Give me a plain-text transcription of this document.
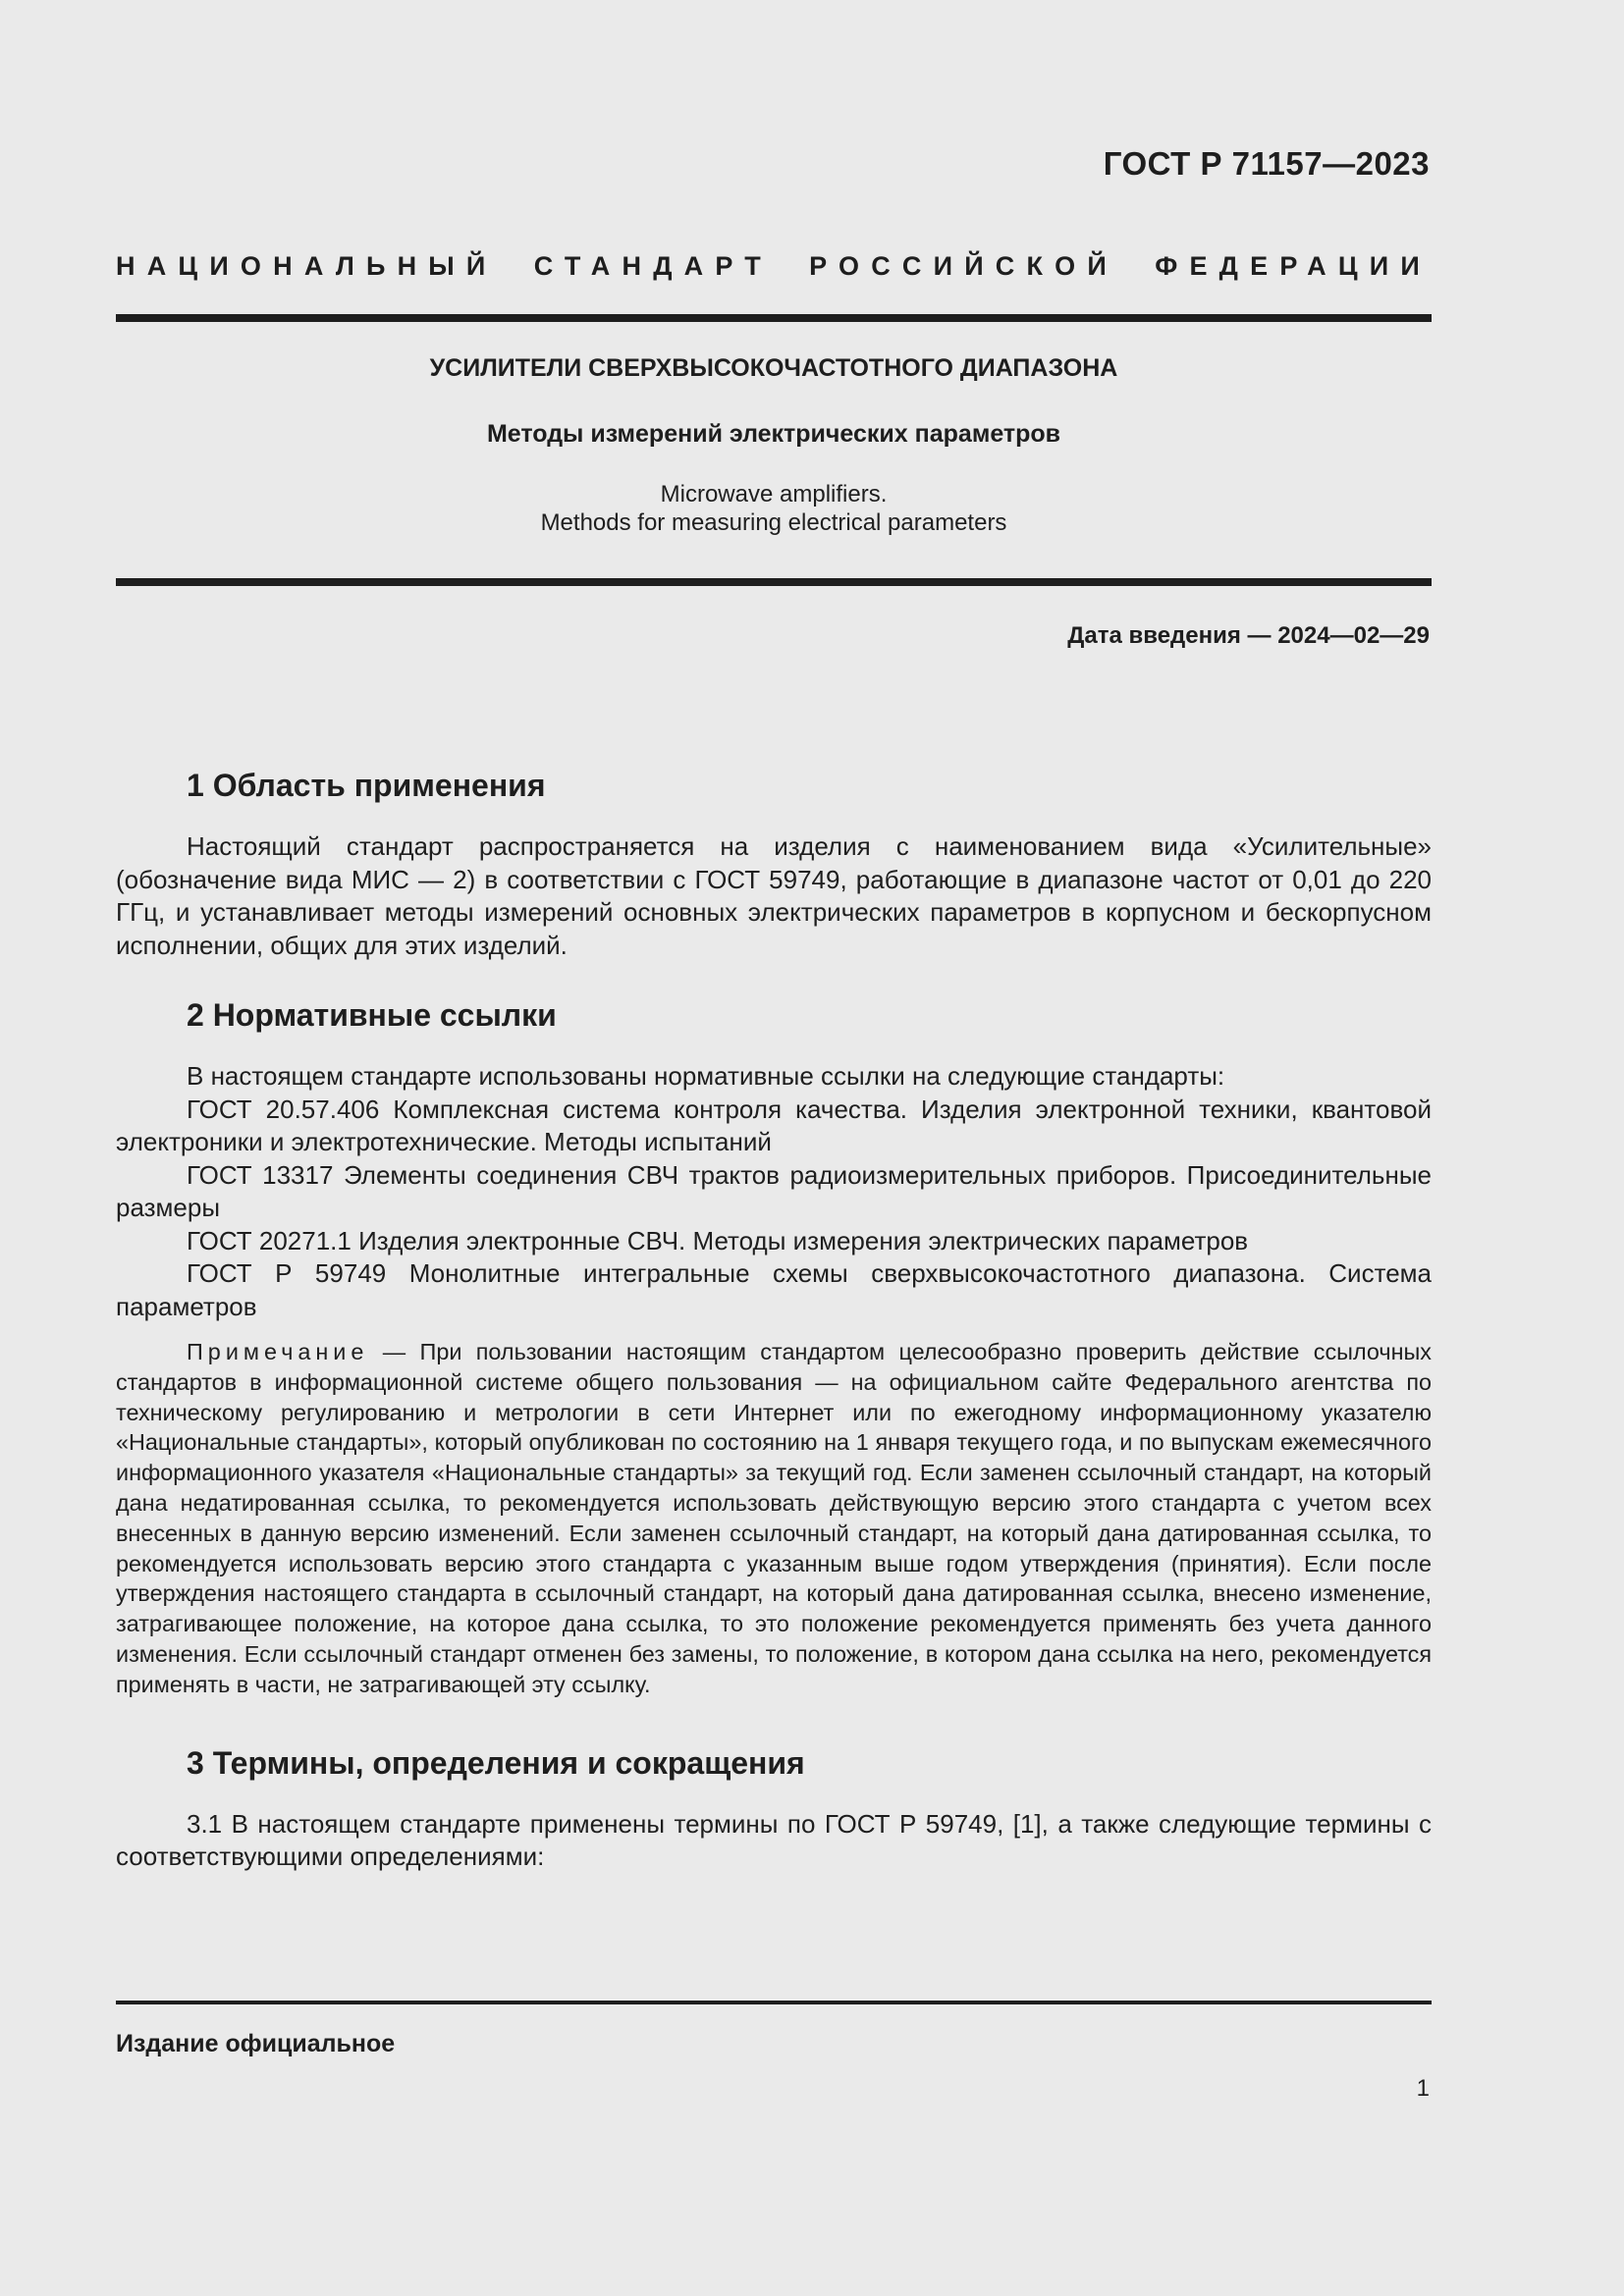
ГОСТ Р 71157—2023
НАЦИОНАЛЬНЫЙ СТАНДАРТ РОССИЙСКОЙ ФЕДЕРАЦИИ
УСИЛИТЕЛИ СВЕРХВЫСОКОЧАСТОТНОГО ДИАПАЗОНА
Методы измерений электрических параметров
Microwave amplifiers.
Methods for measuring electrical parameters
Дата введения — 2024—02—29
1 Область применения

Настоящий стандарт распространяется на изделия с наименованием вида «Усилительные» (обозначение вида МИС — 2) в соответствии с ГОСТ 59749, работающие в диапазоне частот от 0,01 до 220 ГГц, и устанавливает методы измерений основных электрических параметров в корпусном и бескорпусном исполнении, общих для этих изделий.

2 Нормативные ссылки

В настоящем стандарте использованы нормативные ссылки на следующие стандарты:

ГОСТ 20.57.406 Комплексная система контроля качества. Изделия электронной техники, квантовой электроники и электротехнические. Методы испытаний

ГОСТ 13317 Элементы соединения СВЧ трактов радиоизмерительных приборов. Присоединительные размеры

ГОСТ 20271.1 Изделия электронные СВЧ. Методы измерения электрических параметров

ГОСТ Р 59749 Монолитные интегральные схемы сверхвысокочастотного диапазона. Система параметров

Примечание — При пользовании настоящим стандартом целесообразно проверить действие ссылочных стандартов в информационной системе общего пользования — на официальном сайте Федерального агентства по техническому регулированию и метрологии в сети Интернет или по ежегодному информационному указателю «Национальные стандарты», который опубликован по состоянию на 1 января текущего года, и по выпускам ежемесячного информационного указателя «Национальные стандарты» за текущий год. Если заменен ссылочный стандарт, на который дана недатированная ссылка, то рекомендуется использовать действующую версию этого стандарта с учетом всех внесенных в данную версию изменений. Если заменен ссылочный стандарт, на который дана датированная ссылка, то рекомендуется использовать версию этого стандарта с указанным выше годом утверждения (принятия). Если после утверждения настоящего стандарта в ссылочный стандарт, на который дана датированная ссылка, внесено изменение, затрагивающее положение, на которое дана ссылка, то это положение рекомендуется применять без учета данного изменения. Если ссылочный стандарт отменен без замены, то положение, в котором дана ссылка на него, рекомендуется применять в части, не затрагивающей эту ссылку.

3 Термины, определения и сокращения

3.1 В настоящем стандарте применены термины по ГОСТ Р 59749, [1], а также следующие термины с соответствующими определениями:

Издание официальное
1
